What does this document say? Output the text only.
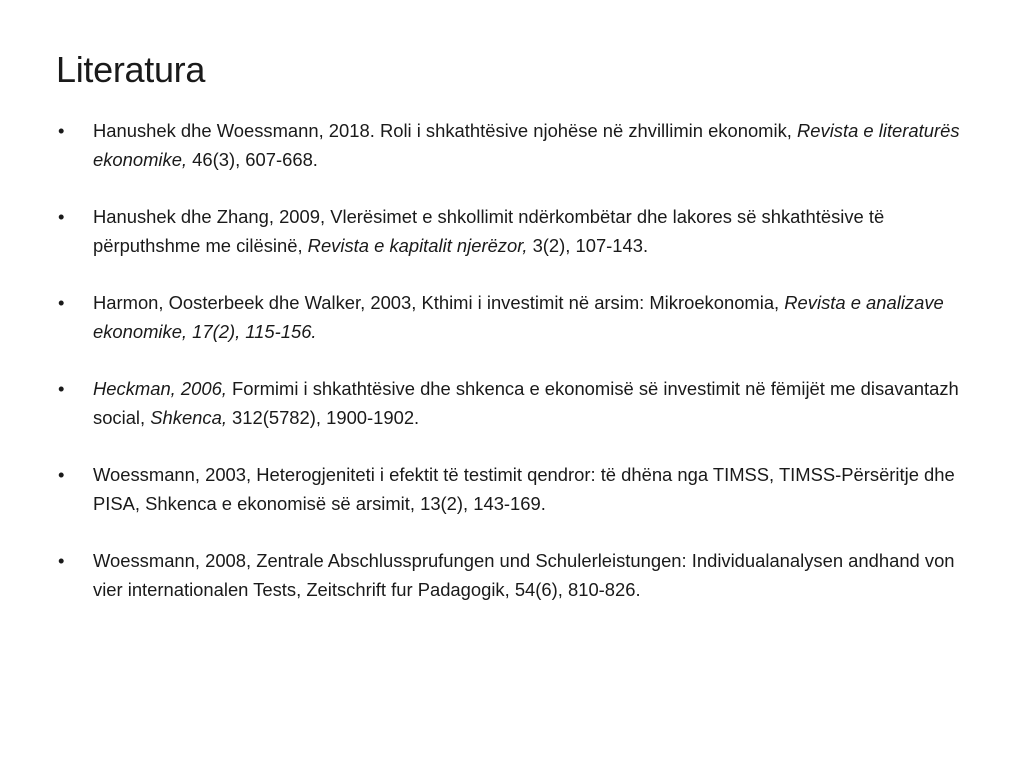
Literatura
• Hanushek dhe Woessmann, 2018. Roli i shkathtësive njohëse në zhvillimin ekonomik, Revista e literaturës ekonomike, 46(3), 607-668.
• Hanushek dhe Zhang, 2009, Vlerësimet e shkollimit ndërkombëtar dhe lakores së shkathtësive të përputhshme me cilësinë, Revista e kapitalit njerëzor, 3(2), 107-143.
• Harmon, Oosterbeek dhe Walker, 2003, Kthimi i investimit në arsim: Mikroekonomia, Revista e analizave ekonomike, 17(2), 115-156.
• Heckman, 2006, Formimi i shkathtësive dhe shkenca e ekonomisë së investimit në fëmijët me disavantazh social, Shkenca, 312(5782), 1900-1902.
• Woessmann, 2003, Heterogjeniteti i efektit të testimit qendror: të dhëna nga TIMSS, TIMSS-Përsëritje dhe PISA, Shkenca e ekonomisë së arsimit, 13(2), 143-169.
• Woessmann, 2008, Zentrale Abschlussprufungen und Schulerleistungen: Individualanalysen andhand von vier internationalen Tests, Zeitschrift fur Padagogik, 54(6), 810-826.
